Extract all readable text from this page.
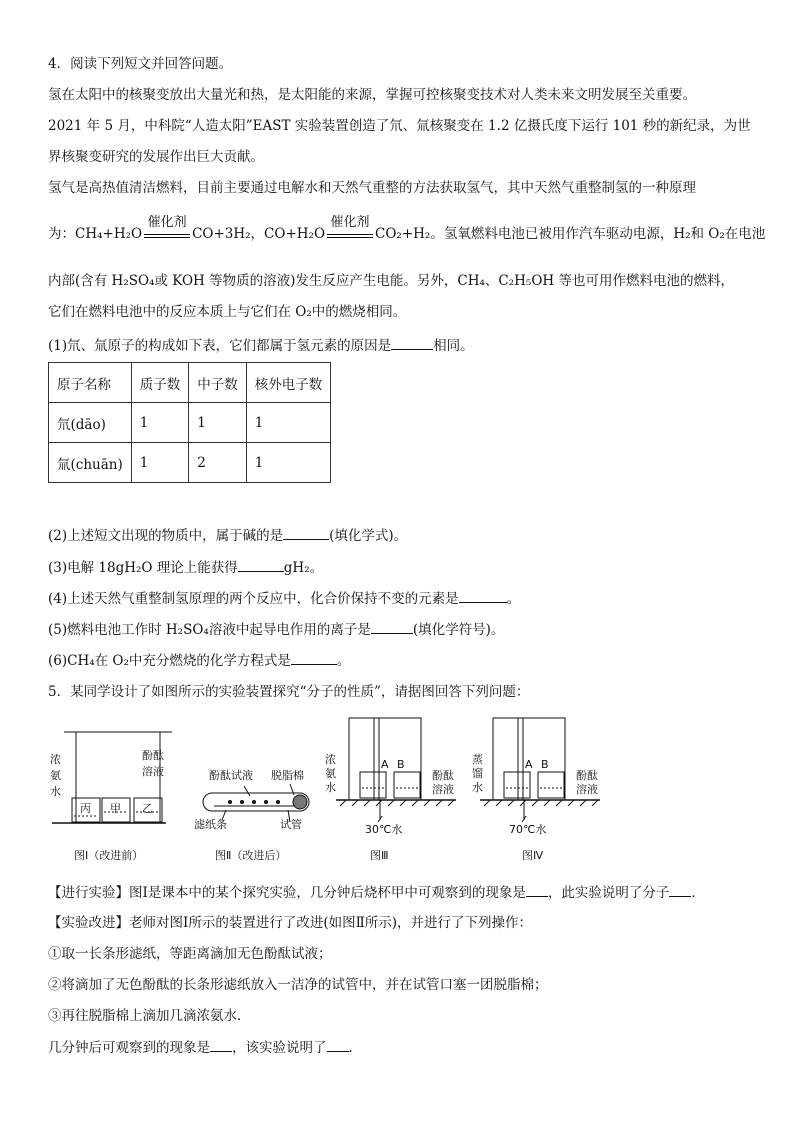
4．阅读下列短文并回答问题。
氢在太阳中的核聚变放出大量光和热，是太阳能的来源，掌握可控核聚变技术对人类未来文明发展至关重要。
2021 年 5 月，中科院“人造太阳”EAST 实验装置创造了氘、氚核聚变在 1.2 亿摄氏度下运行 101 秒的新纪录，为世
界核聚变研究的发展作出巨大贡献。
氢气是高热值清洁燃料，目前主要通过电解水和天然气重整的方法获取氢气，其中天然气重整制氢的一种原理
为：CH₄+H₂O
催化剂
CO+3H₂，CO+H₂O
催化剂
CO₂+H₂。氢氧燃料电池已被用作汽车驱动电源，H₂和 O₂在电池
内部(含有 H₂SO₄或 KOH 等物质的溶液)发生反应产生电能。另外，CH₄、C₂H₅OH 等也可用作燃料电池的燃料，
它们在燃料电池中的反应本质上与它们在 O₂中的燃烧相同。
(1)氘、氚原子的构成如下表，它们都属于氢元素的原因是	相同。
原子名称	质子数	中子数	核外电子数
氘(dāo)	1	1	1
氚(chuān)	1	2	1
(2)上述短文出现的物质中，属于碱的是	(填化学式)。
(3)电解 18gH₂O 理论上能获得	gH₂。
(4)上述天然气重整制氢原理的两个反应中，化合价保持不变的元素是	。
(5)燃料电池工作时 H₂SO₄溶液中起导电作用的离子是	(填化学符号)。
(6)CH₄在 O₂中充分燃烧的化学方程式是	。
5．某同学设计了如图所示的实验装置探究“分子的性质”，请据图回答下列问题：
浓
氨
水
酚酞
溶液
丙 甲 乙
图Ⅰ（改进前）
酚酞试液 脱脂棉
滤纸条	试管
图Ⅱ（改进后）
浓
氨
水
A B
酚酞
溶液
30℃水
图Ⅲ
蒸
馏
水
A B
酚酞
溶液
70℃水
图Ⅳ
【进行实验】图Ⅰ是课本中的某个探究实验，几分钟后烧杯甲中可观察到的现象是 ，此实验说明了分子 ．
【实验改进】老师对图Ⅰ所示的装置进行了改进(如图Ⅱ所示)，并进行了下列操作：
①取一长条形滤纸，等距离滴加无色酚酞试液；
②将滴加了无色酚酞的长条形滤纸放入一洁净的试管中，并在试管口塞一团脱脂棉；
③再往脱脂棉上滴加几滴浓氨水．
几分钟后可观察到的现象是 ，该实验说明了 ．
